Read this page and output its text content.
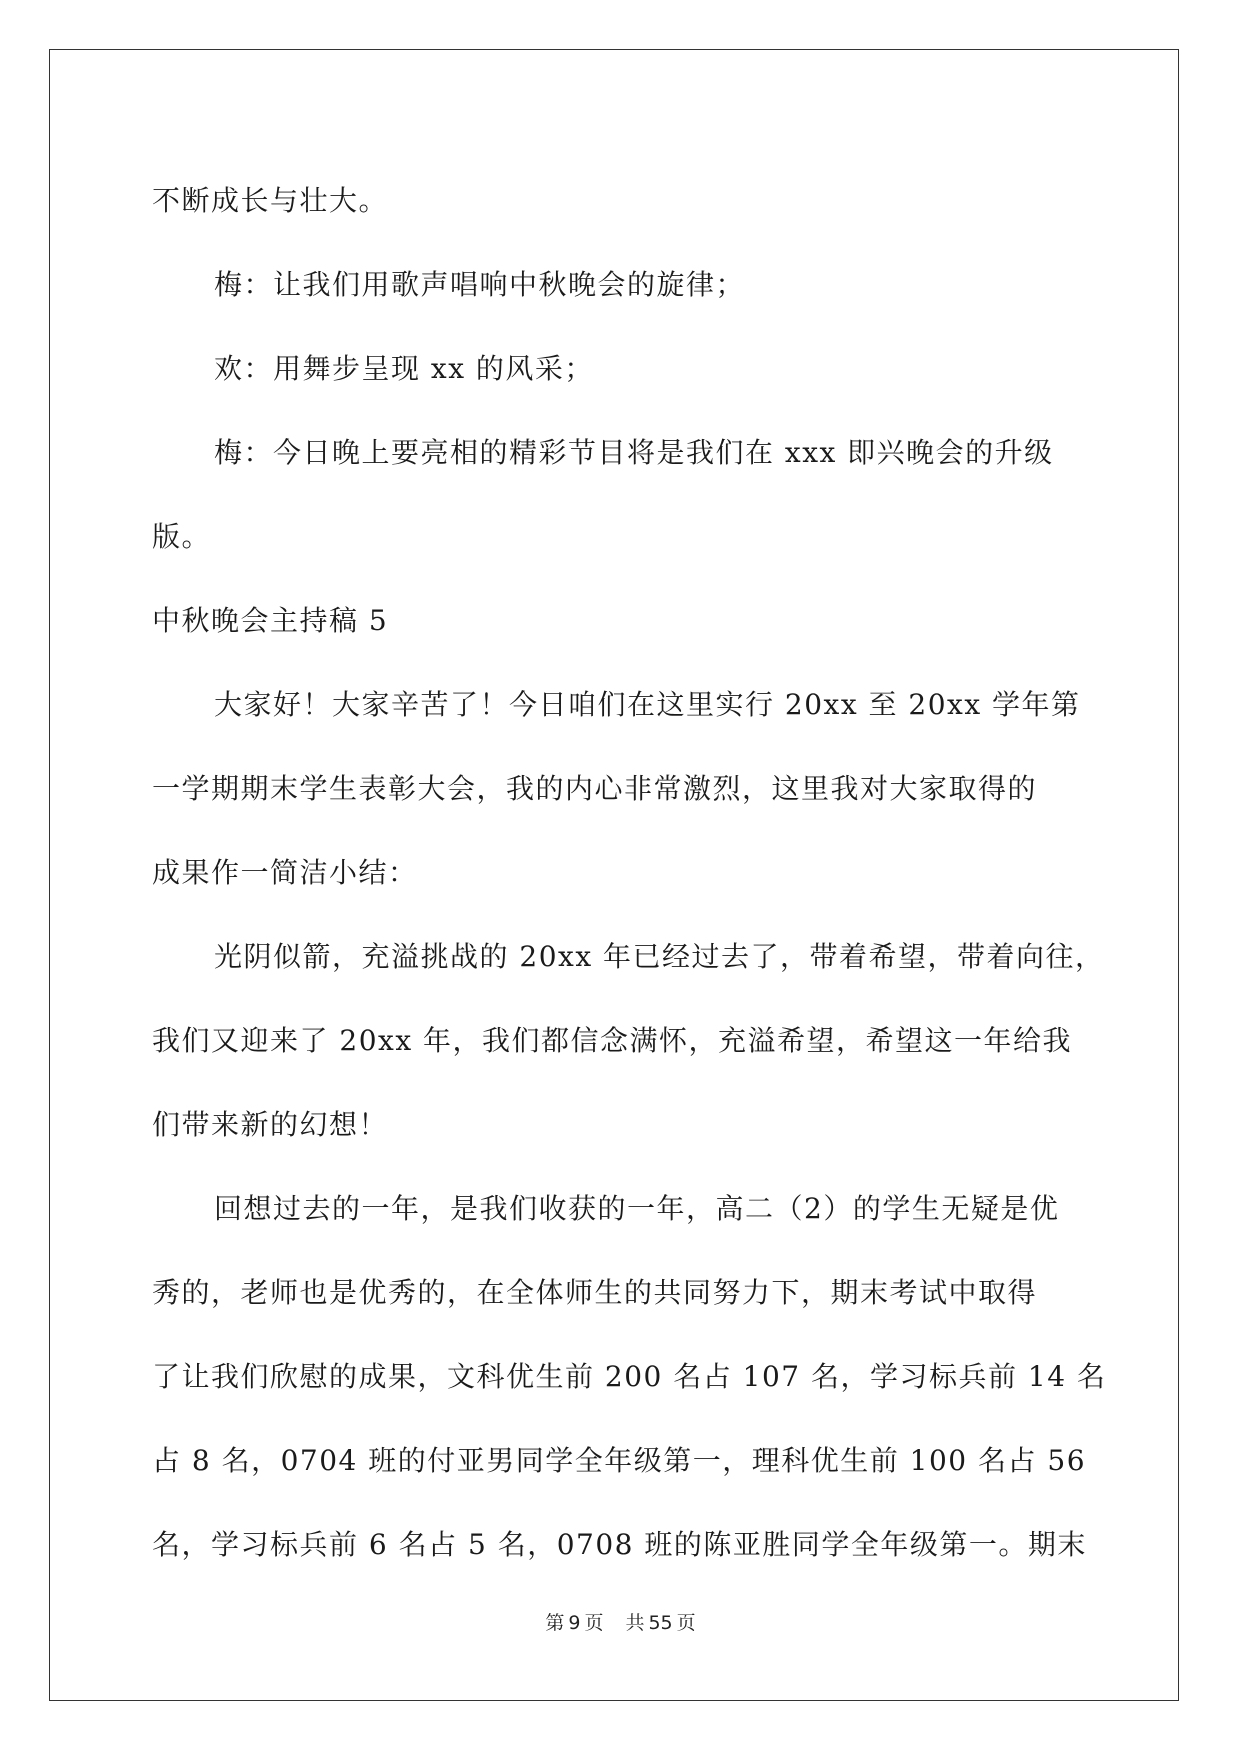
不断成长与壮大。
梅：让我们用歌声唱响中秋晚会的旋律；
欢：用舞步呈现 xx 的风采；
梅：今日晚上要亮相的精彩节目将是我们在 xxx 即兴晚会的升级
版。
中秋晚会主持稿 5
大家好！大家辛苦了！今日咱们在这里实行 20xx 至 20xx 学年第
一学期期末学生表彰大会，我的内心非常激烈，这里我对大家取得的
成果作一简洁小结：
光阴似箭，充溢挑战的 20xx 年已经过去了，带着希望，带着向往，
我们又迎来了 20xx 年，我们都信念满怀，充溢希望，希望这一年给我
们带来新的幻想！
回想过去的一年，是我们收获的一年，高二（2）的学生无疑是优
秀的，老师也是优秀的，在全体师生的共同努力下，期末考试中取得
了让我们欣慰的成果，文科优生前 200 名占 107 名，学习标兵前 14 名
占 8 名，0704 班的付亚男同学全年级第一，理科优生前 100 名占 56
名，学习标兵前 6 名占 5 名，0708 班的陈亚胜同学全年级第一。期末
第 9 页 共 55 页
